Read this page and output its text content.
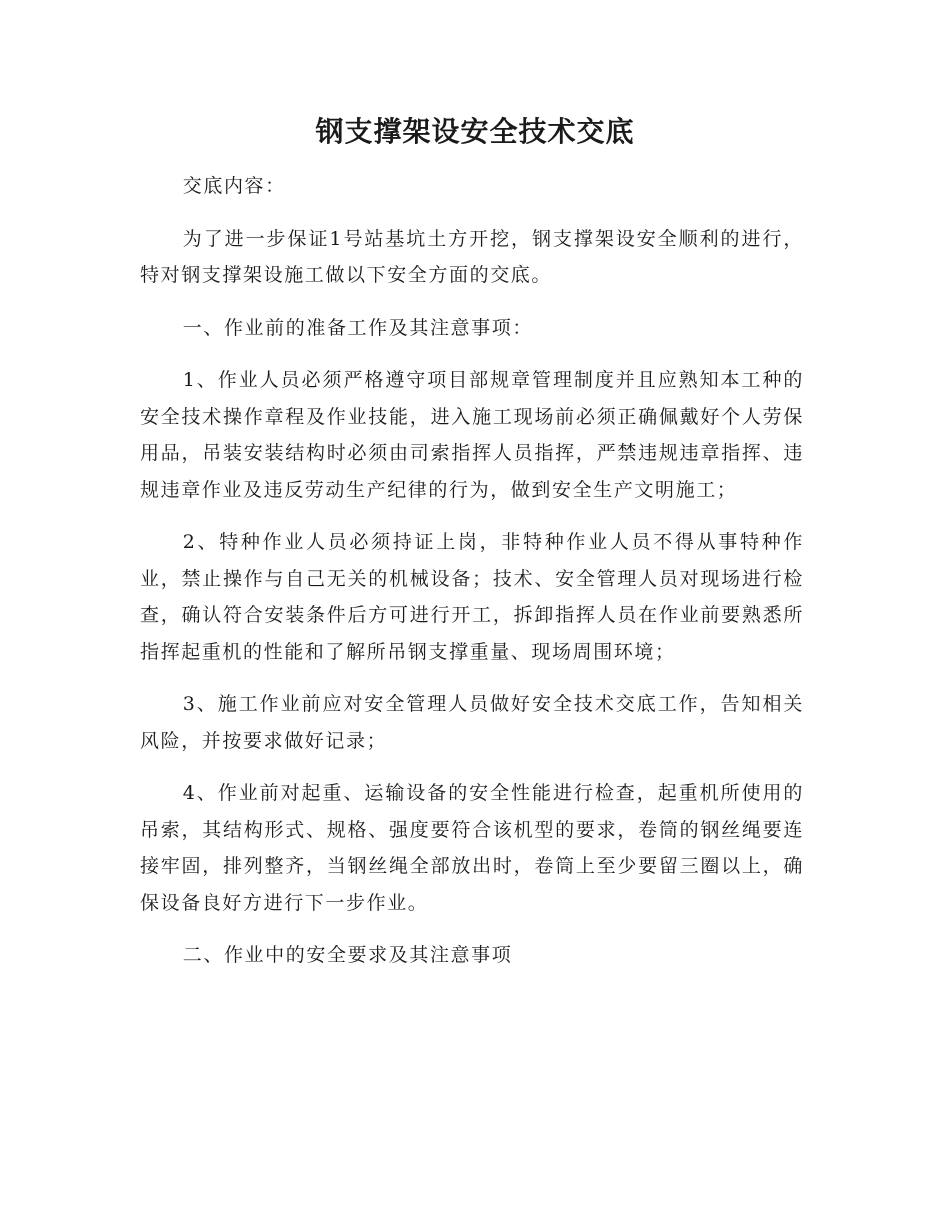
钢支撑架设安全技术交底

交底内容：

为了进一步保证1号站基坑土方开挖，钢支撑架设安全顺利的进行，特对钢支撑架设施工做以下安全方面的交底。

一、作业前的准备工作及其注意事项：

1、作业人员必须严格遵守项目部规章管理制度并且应熟知本工种的安全技术操作章程及作业技能，进入施工现场前必须正确佩戴好个人劳保用品，吊装安装结构时必须由司索指挥人员指挥，严禁违规违章指挥、违规违章作业及违反劳动生产纪律的行为，做到安全生产文明施工；

2、特种作业人员必须持证上岗，非特种作业人员不得从事特种作业，禁止操作与自己无关的机械设备；技术、安全管理人员对现场进行检查，确认符合安装条件后方可进行开工，拆卸指挥人员在作业前要熟悉所指挥起重机的性能和了解所吊钢支撑重量、现场周围环境；

3、施工作业前应对安全管理人员做好安全技术交底工作，告知相关风险，并按要求做好记录；

4、作业前对起重、运输设备的安全性能进行检查，起重机所使用的吊索，其结构形式、规格、强度要符合该机型的要求，卷筒的钢丝绳要连接牢固，排列整齐，当钢丝绳全部放出时，卷筒上至少要留三圈以上，确保设备良好方进行下一步作业。

二、作业中的安全要求及其注意事项
